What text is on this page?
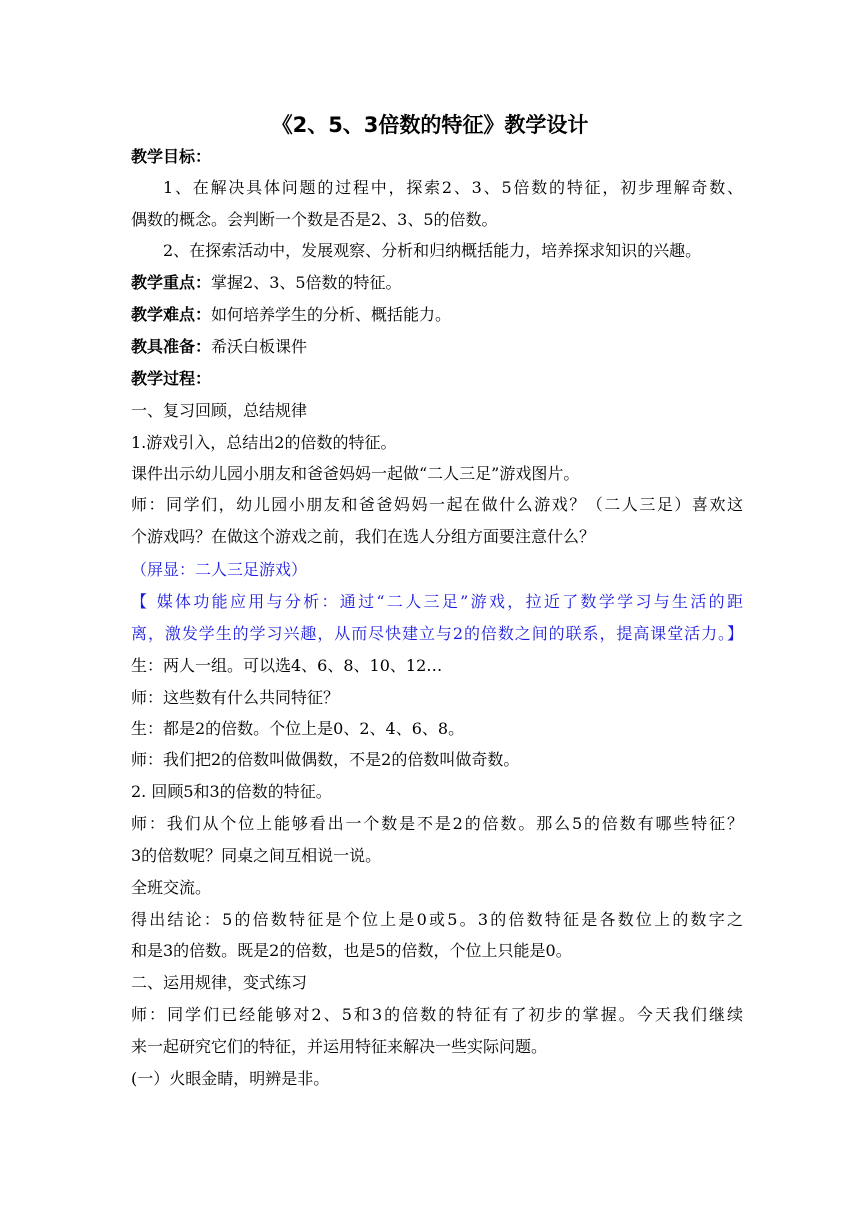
《2、5、3倍数的特征》教学设计
教学目标：
1、在解决具体问题的过程中，探索2、3、5倍数的特征，初步理解奇数、
偶数的概念。会判断一个数是否是2、3、5的倍数。
2、在探索活动中，发展观察、分析和归纳概括能力，培养探求知识的兴趣。
教学重点：掌握2、3、5倍数的特征。
教学难点：如何培养学生的分析、概括能力。
教具准备：希沃白板课件
教学过程：
一、复习回顾，总结规律
1.游戏引入，总结出2的倍数的特征。
课件出示幼儿园小朋友和爸爸妈妈一起做“二人三足”游戏图片。
师：同学们，幼儿园小朋友和爸爸妈妈一起在做什么游戏？（二人三足）喜欢这
个游戏吗？在做这个游戏之前，我们在选人分组方面要注意什么？
（屏显：二人三足游戏）
【 媒体功能应用与分析：通过“二人三足”游戏，拉近了数学学习与生活的距
离，激发学生的学习兴趣，从而尽快建立与2的倍数之间的联系，提高课堂活力。】
生：两人一组。可以选4、6、8、10、12…
师：这些数有什么共同特征？
生：都是2的倍数。个位上是0、2、4、6、8。
师：我们把2的倍数叫做偶数，不是2的倍数叫做奇数。
2. 回顾5和3的倍数的特征。
师：我们从个位上能够看出一个数是不是2的倍数。那么5的倍数有哪些特征？
3的倍数呢？同桌之间互相说一说。
全班交流。
得出结论：5的倍数特征是个位上是0或5。3的倍数特征是各数位上的数字之
和是3的倍数。既是2的倍数，也是5的倍数，个位上只能是0。
二、运用规律，变式练习
师：同学们已经能够对2、5和3的倍数的特征有了初步的掌握。今天我们继续
来一起研究它们的特征，并运用特征来解决一些实际问题。
(一）火眼金睛，明辨是非。
